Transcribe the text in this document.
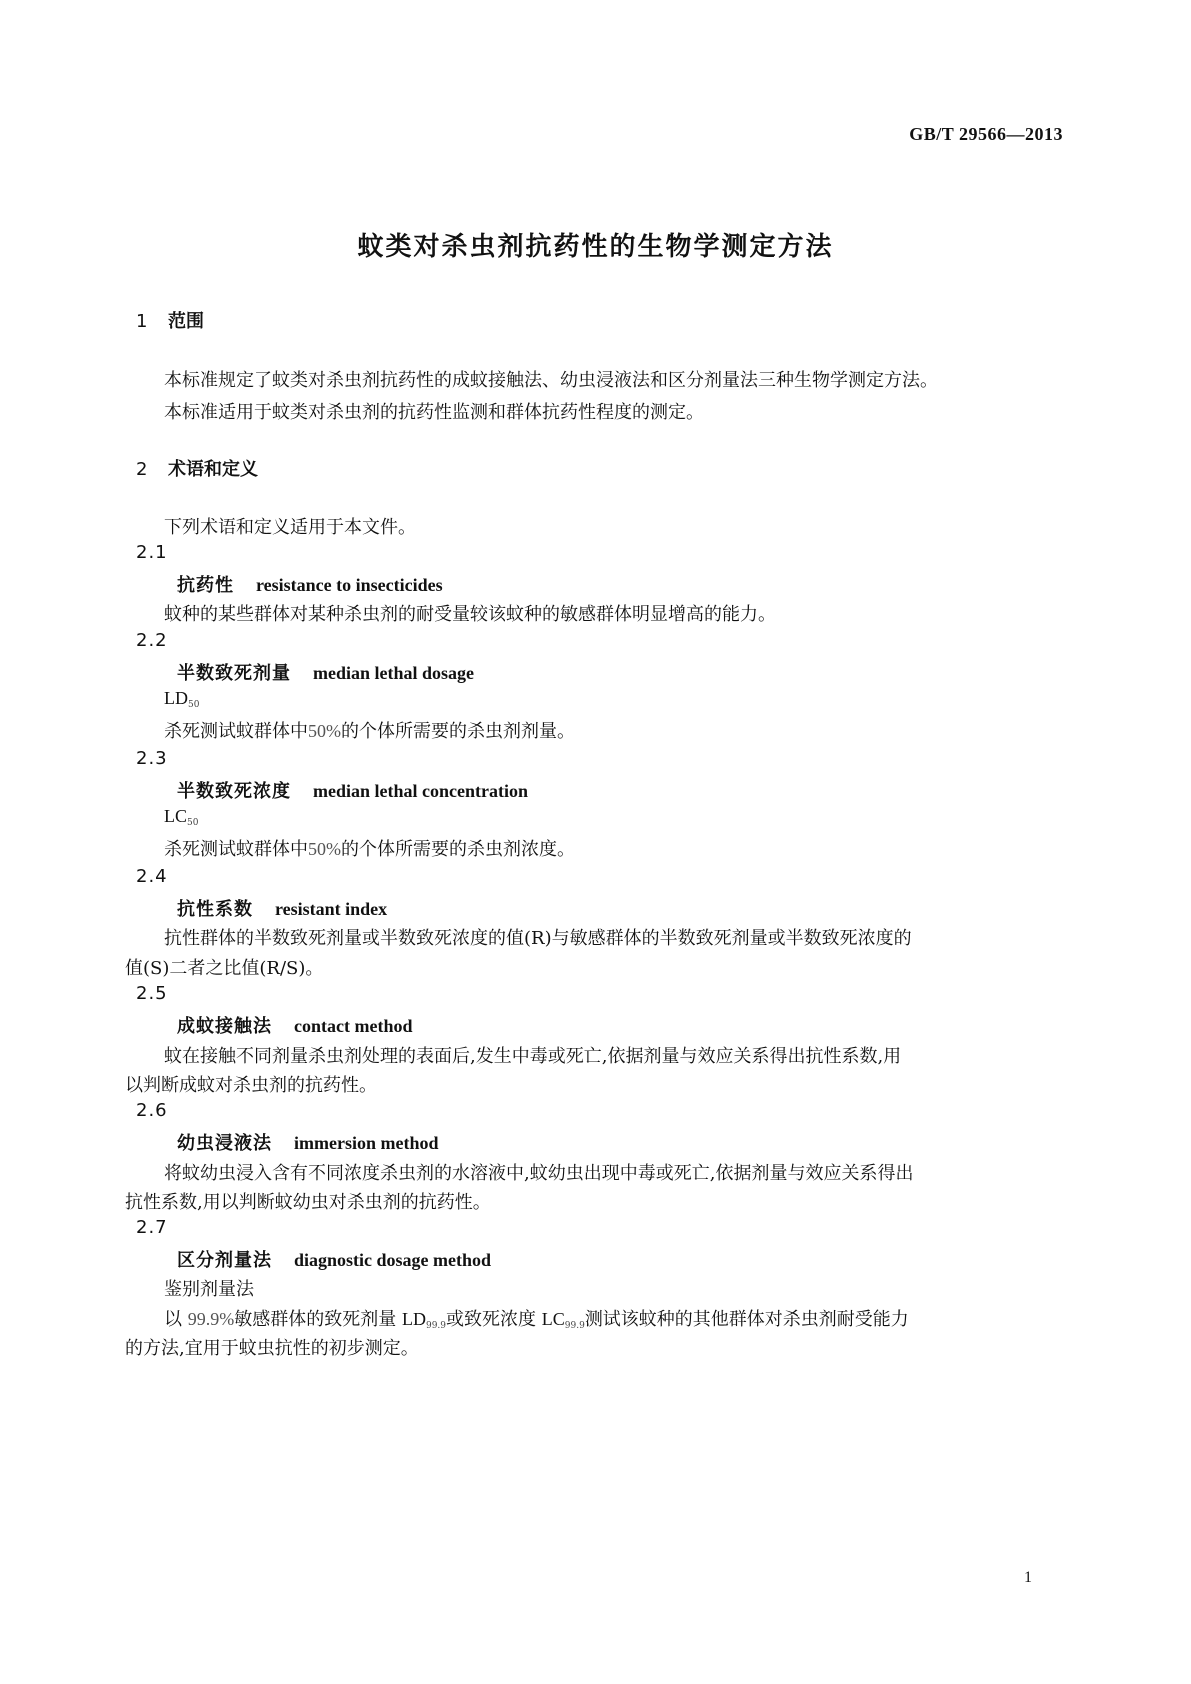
GB/T 29566—2013
蚊类对杀虫剂抗药性的生物学测定方法
1 范围
本标准规定了蚊类对杀虫剂抗药性的成蚊接触法、幼虫浸液法和区分剂量法三种生物学测定方法。
本标准适用于蚊类对杀虫剂的抗药性监测和群体抗药性程度的测定。
2 术语和定义
下列术语和定义适用于本文件。
2.1
抗药性 resistance to insecticides
蚊种的某些群体对某种杀虫剂的耐受量较该蚊种的敏感群体明显增高的能力。
2.2
半数致死剂量 median lethal dosage
$LD_{50}$
杀死测试蚊群体中50%的个体所需要的杀虫剂剂量。
2.3
半数致死浓度 median lethal concentration
$LC_{50}$
杀死测试蚊群体中50%的个体所需要的杀虫剂浓度。
2.4
抗性系数 resistant index
抗性群体的半数致死剂量或半数致死浓度的值(R)与敏感群体的半数致死剂量或半数致死浓度的
值(S)二者之比值(R/S)。
2.5
成蚊接触法 contact method
蚊在接触不同剂量杀虫剂处理的表面后,发生中毒或死亡,依据剂量与效应关系得出抗性系数,用
以判断成蚊对杀虫剂的抗药性。
2.6
幼虫浸液法 immersion method
将蚊幼虫浸入含有不同浓度杀虫剂的水溶液中,蚊幼虫出现中毒或死亡,依据剂量与效应关系得出
抗性系数,用以判断蚊幼虫对杀虫剂的抗药性。
2.7
区分剂量法 diagnostic dosage method
鉴别剂量法
以 99.9%敏感群体的致死剂量 $LD_{99.9}$或致死浓度 $LC_{99.9}$测试该蚊种的其他群体对杀虫剂耐受能力
的方法,宜用于蚊虫抗性的初步测定。
1
